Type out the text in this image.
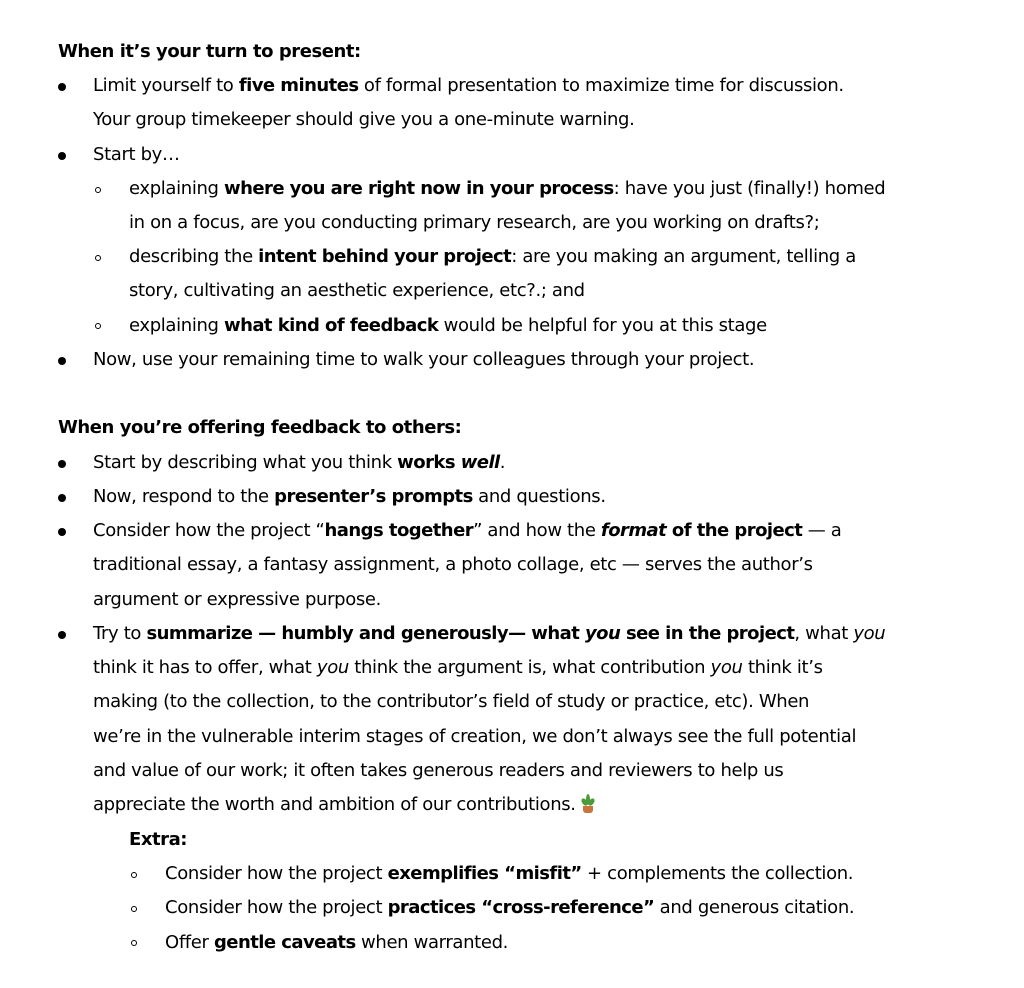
When it’s your turn to present:
Limit yourself to five minutes of formal presentation to maximize time for discussion.
Your group timekeeper should give you a one-minute warning.
Start by…
explaining where you are right now in your process: have you just (finally!) homed
in on a focus, are you conducting primary research, are you working on drafts?;
describing the intent behind your project: are you making an argument, telling a
story, cultivating an aesthetic experience, etc?.; and
explaining what kind of feedback would be helpful for you at this stage
Now, use your remaining time to walk your colleagues through your project.
When you’re offering feedback to others:
Start by describing what you think works well.
Now, respond to the presenter’s prompts and questions.
Consider how the project “hangs together” and how the format of the project — a
traditional essay, a fantasy assignment, a photo collage, etc — serves the author’s
argument or expressive purpose.
Try to summarize — humbly and generously— what you see in the project, what you
think it has to offer, what you think the argument is, what contribution you think it’s
making (to the collection, to the contributor’s field of study or practice, etc). When
we’re in the vulnerable interim stages of creation, we don’t always see the full potential
and value of our work; it often takes generous readers and reviewers to help us
appreciate the worth and ambition of our contributions.
Extra:
Consider how the project exemplifies “misfit” + complements the collection.
Consider how the project practices “cross-reference” and generous citation.
Offer gentle caveats when warranted.
